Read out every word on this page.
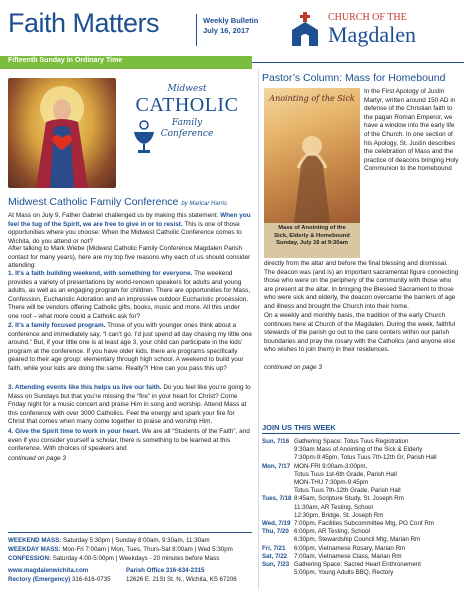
Faith Matters	Weekly Bulletin
July 16, 2017
CHURCH OF THE
Magdalen
Fifteenth Sunday in Ordinary Time
Midwest
CATHOLIC
Family
Conference
Midwest Catholic Family Conference by Maricar Harris
At Mass on July 9, Father Gabriel challenged us by making this statement: When you feel the tug of the Spirit, we are free to give in or to resist. This is one of those opportunities where you choose: When the Midwest Catholic Conference comes to Wichita, do you attend or not?
After talking to Mark Wiebe (Midwest Catholic Family Conference Magdalen Parish contact for many years), here are my top five reasons why each of us should consider attending:
1. It’s a faith building weekend, with something for everyone. The weekend provides a variety of presentations by world-renown speakers for adults and young adults, as well as an engaging program for children. There are opportunities for Mass, Confession, Eucharistic Adoration and an impressive outdoor Eucharistic procession. There will be vendors offering Catholic gifts, books, music and more. All this under one roof – what more could a Catholic ask for?
2. It’s a family focused program. Those of you with younger ones think about a conference and immediately say, “I can’t go. I’d just spend all day chasing my little one around.” But, if your little one is at least age 3, your child can participate in the kids’ program at the conference. If you have older kids, there are programs specifically geared to their age group: elementary through high school. A weekend to build your faith, while your kids are doing the same. Really?! How can you pass this up?
3. Attending events like this helps us live our faith. Do you feel like you’re going to Mass on Sundays but that you’re missing the “fire” in your heart for Christ? Come Friday night for a music concert and praise Him in song and worship. Attend Mass at this conference with over 3000 Catholics. Feel the energy and spark your fire for Christ that comes when many come together to praise and worship Him.
4. Give the Spirit time to work in your heart. We are all “Students of the Faith”, and even if you consider yourself a scholar, there is something to be learned at this conference. With choices of speakers and
continued on page 3
WEEKEND MASS: Saturday 5:30pm | Sunday 8:00am, 9:30am, 11:30am
WEEKDAY MASS: Mon-Fri 7:00am | Mon, Tues, Thurs-Sat 8:00am | Wed 5:30pm
CONFESSION: Saturday 4:00-5:00pm | Weekdays - 20 minutes before Mass
www.magdalenwichita.com
Rectory (Emergency) 316-616-0735
Parish Office 316-634-2315
12626 E. 21St St. N., Wichita, KS 67206
Pastor’s Column: Mass for Homebound
Anointing of the Sick
Mass of Anointing of the
Sick, Elderly & Homebound
Sunday, July 16 at 9:30am
In the First Apology of Justin Martyr, written around 150 AD in defense of the Christian faith to the pagan Roman Emperor, we have a window into the early life of the Church. In one section of his Apology, St. Justin describes the celebration of Mass and the practice of deacons bringing Holy Communion to the homebound
directly from the altar and before the final blessing and dismissal. The deacon was (and is) an important sacramental figure connecting those who were on the periphery of the community with those who are present at the altar. In bringing the Blessed Sacrament to those who were sick and elderly, the deacon overcame the barriers of age and illness and brought the Church into their home.
On a weekly and monthly basis, the tradition of the early Church continues here at Church of the Magdalen. During the week, faithful stewards of the parish go out to the care centers within our parish boundaries and pray the rosary with the Catholics (and anyone else who wishes to join them) in their residences.
continued on page 3
JOIN US THIS WEEK
Sun, 7/16 Gathering Space: Totus Tuus Registration
9:30am Mass of Anointing of the Sick & Elderly
7:30pm-9:45pm, Totus Tuus 7th-12th Gr, Parish Hall
Mon, 7/17 MON-FRI 9:00am-3:00pm,
Totus Tuus 1st-6th Grade, Parish Hall
MON-THU 7:30pm-9:45pm
Totus Tuus 7th-12th Grade, Parish Hall
Tues, 7/18 8:45am, Scripture Study, St. Joseph Rm
11:30am, AR Testing, School
12:30pm, Bridge, St. Joseph Rm
Wed, 7/19 7:00pm, Facilities Subcommittee Mtg, PO Conf Rm
Thu, 7/20 6:00pm, AR Testing, School
6:30pm, Stewardship Council Mtg, Marian Rm
Fri, 7/21	6:00pm, Vietnamese Rosary, Marian Rm
Sat, 7/22	7:00am, Vietnamese Class, Marian Rm
Sun, 7/23 Gathering Space: Sacred Heart Enthronement
5:00pm, Young Adults BBQ, Rectory
